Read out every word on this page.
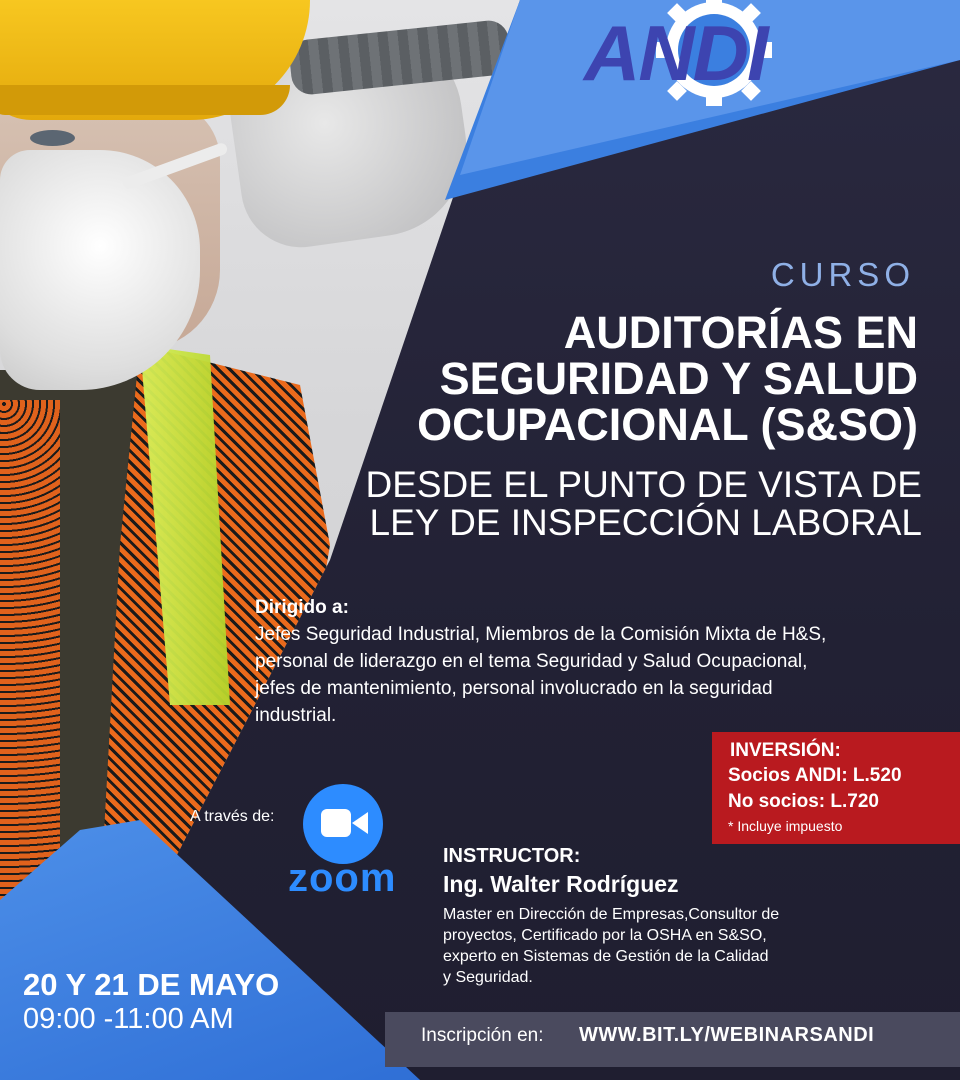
ANDI
CURSO
AUDITORÍAS EN
SEGURIDAD Y SALUD
OCUPACIONAL (S&SO)
DESDE EL PUNTO DE VISTA DE
LEY DE INSPECCIÓN LABORAL
Dirigido a:
Jefes Seguridad Industrial, Miembros de la Comisión Mixta de H&S,
personal de liderazgo en el tema Seguridad y Salud Ocupacional,
jefes de mantenimiento, personal involucrado en la seguridad
industrial.
INVERSIÓN:
Socios ANDI: L.520
No socios: L.720
* Incluye impuesto
A través de:
zoom INSTRUCTOR:
Ing. Walter Rodríguez
Master en Dirección de Empresas,Consultor de
proyectos, Certificado por la OSHA en S&SO,
experto en Sistemas de Gestión de la Calidad
y Seguridad.
20 Y 21 DE MAYO
09:00 -11:00 AM
Inscripción en: WWW.BIT.LY/WEBINARSANDI
